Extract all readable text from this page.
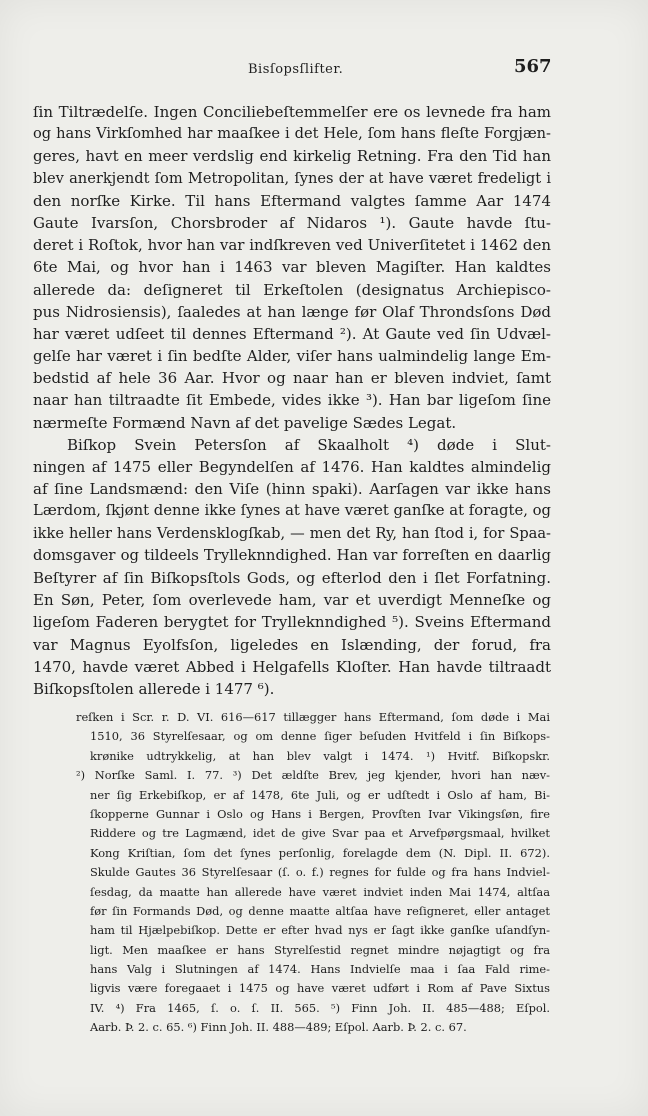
Bisſopsſlifter.	567
ſin Tiltrædelſe. Ingen Conciliebeſtemmelſer ere os levnede fra ham
og hans Virkſomhed har maaſkee i det Hele, ſom hans fleſte Forgjæn-
geres, havt en meer verdslig end kirkelig Retning. Fra den Tid han
blev anerkjendt ſom Metropolitan, ſynes der at have været fredeligt i
den norſke Kirke. Til hans Eftermand valgtes ſamme Aar 1474
Gaute Ivarsſon, Chorsbroder af Nidaros ¹). Gaute havde ſtu-
deret i Roſtok, hvor han var indſkreven ved Univerſitetet i 1462 den
6te Mai, og hvor han i 1463 var bleven Magiſter. Han kaldtes
allerede da: deſigneret til Erkeſtolen (designatus Archiepisco-
pus Nidrosiensis), ſaaledes at han længe før Olaf Throndsſons Død
har været udſeet til dennes Eftermand ²). At Gaute ved ſin Udvæl-
gelſe har været i ſin bedſte Alder, viſer hans ualmindelig lange Em-
bedstid af hele 36 Aar. Hvor og naar han er bleven indviet, ſamt
naar han tiltraadte ſit Embede, vides ikke ³). Han bar ligeſom ſine
nærmeſte Formænd Navn af det pavelige Sædes Legat.
Biſkop Svein Petersſon af Skaalholt ⁴) døde i Slut-
ningen af 1475 eller Begyndelſen af 1476. Han kaldtes almindelig
af ſine Landsmænd: den Viſe (hinn spaki). Aarſagen var ikke hans
Lærdom, ſkjønt denne ikke ſynes at have været ganſke at foragte, og
ikke heller hans Verdensklogſkab, — men det Ry, han ſtod i, for Spaa-
domsgaver og tildeels Trylleknndighed. Han var forreſten en daarlig
Beſtyrer af ſin Biſkopsſtols Gods, og efterlod den i ſlet Forfatning.
En Søn, Peter, ſom overlevede ham, var et uverdigt Menneſke og
ligeſom Faderen berygtet for Trylleknndighed ⁵). Sveins Eftermand
var Magnus Eyolfsſon, ligeledes en Islænding, der forud, fra
1470, havde været Abbed i Helgafells Kloſter. Han havde tiltraadt
Biſkopsſtolen allerede i 1477 ⁶).
reſken i Scr. r. D. VI. 616—617 tillægger hans Eftermand, ſom døde i Mai
1510, 36 Styrelſesaar, og om denne ſiger beſuden Hvitfeld i ſin Biſkops-
krønike udtrykkelig, at han blev valgt i 1474. ¹) Hvitf. Biſkopskr.
²) Norſke Saml. I. 77. ³) Det ældſte Brev, jeg kjender, hvori han næv-
ner ſig Erkebiſkop, er af 1478, 6te Juli, og er udſtedt i Oslo af ham, Bi-
ſkopperne Gunnar i Oslo og Hans i Bergen, Provſten Ivar Vikingsſøn, fire
Riddere og tre Lagmænd, idet de give Svar paa et Arvefpørgsmaal, hvilket
Kong Kriſtian, ſom det ſynes perſonlig, forelagde dem (N. Dipl. II. 672).
Skulde Gautes 36 Styrelſesaar (ſ. o. f.) regnes for fulde og fra hans Indviel-
ſesdag, da maatte han allerede have været indviet inden Mai 1474, altſaa
før ſin Formands Død, og denne maatte altſaa have reſigneret, eller antaget
ham til Hjælpebiſkop. Dette er efter hvad nys er ſagt ikke ganſke uſandſyn-
ligt. Men maaſkee er hans Styrelſestid regnet mindre nøjagtigt og fra
hans Valg i Slutningen af 1474. Hans Indvielſe maa i ſaa Fald rime-
ligvis være foregaaet i 1475 og have været udført i Rom af Pave Sixtus
IV. ⁴) Fra 1465, ſ. o. ſ. II. 565. ⁵) Finn Joh. II. 485—488; Eſpol.
Aarb. Þ. 2. c. 65. ⁶) Finn Joh. II. 488—489; Eſpol. Aarb. Þ. 2. c. 67.
